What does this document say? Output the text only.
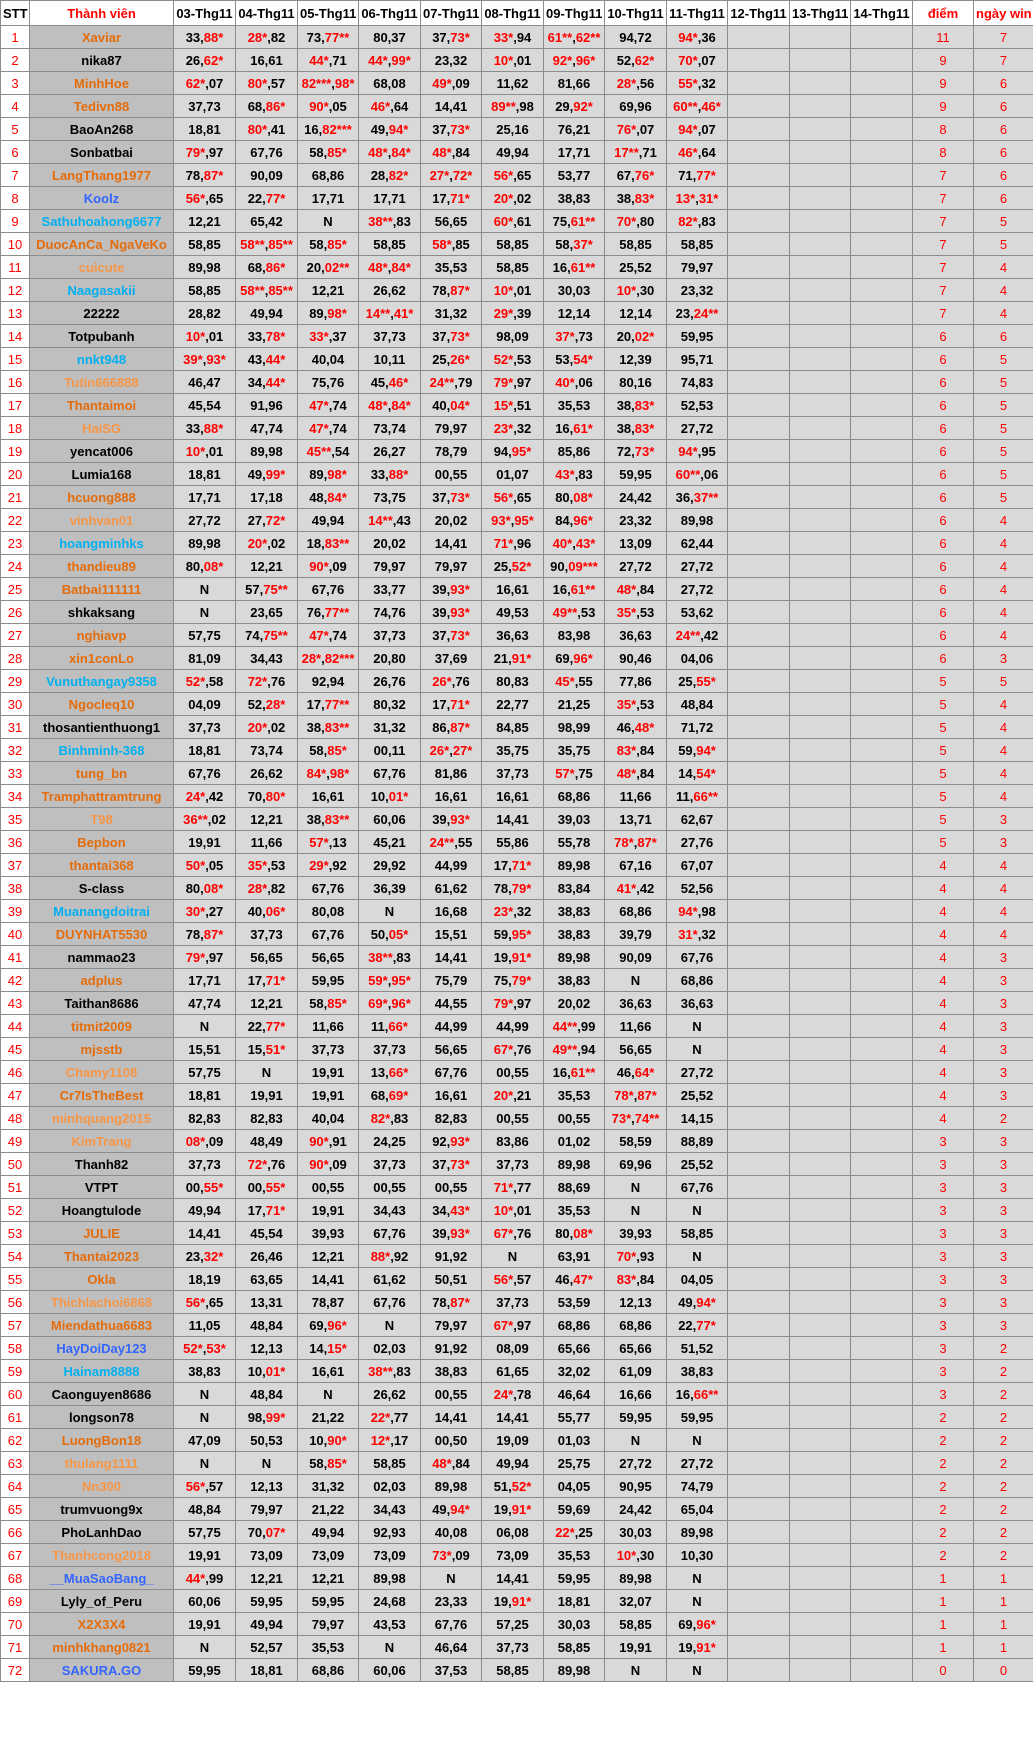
STT	Thành viên	03-Thg11	04-Thg11	05-Thg11	06-Thg11	07-Thg11	08-Thg11	09-Thg11	10-Thg11	11-Thg11	12-Thg11	13-Thg11	14-Thg11	điểm	ngày win
1	Xaviar	33,88*	28*,82	73,77**	80,37	37,73*	33*,94	61**,62**	94,72	94*,36				11	7
2	nika87	26,62*	16,61	44*,71	44*,99*	23,32	10*,01	92*,96*	52,62*	70*,07				9	7
3	MinhHoe	62*,07	80*,57	82***,98*	68,08	49*,09	11,62	81,66	28*,56	55*,32				9	6
4	Tedivn88	37,73	68,86*	90*,05	46*,64	14,41	89**,98	29,92*	69,96	60**,46*				9	6
5	BaoAn268	18,81	80*,41	16,82***	49,94*	37,73*	25,16	76,21	76*,07	94*,07				8	6
6	Sonbatbai	79*,97	67,76	58,85*	48*,84*	48*,84	49,94	17,71	17**,71	46*,64				8	6
7	LangThang1977	78,87*	90,09	68,86	28,82*	27*,72*	56*,65	53,77	67,76*	71,77*				7	6
8	Koolz	56*,65	22,77*	17,71	17,71	17,71*	20*,02	38,83	38,83*	13*,31*				7	6
9	Sathuhoahong6677	12,21	65,42	N	38**,83	56,65	60*,61	75,61**	70*,80	82*,83				7	5
10	DuocAnCa_NgaVeKo	58,85	58**,85**	58,85*	58,85	58*,85	58,85	58,37*	58,85	58,85				7	5
11	cuicute	89,98	68,86*	20,02**	48*,84*	35,53	58,85	16,61**	25,52	79,97				7	4
12	Naagasakii	58,85	58**,85**	12,21	26,62	78,87*	10*,01	30,03	10*,30	23,32				7	4
13	22222	28,82	49,94	89,98*	14**,41*	31,32	29*,39	12,14	12,14	23,24**				7	4
14	Totpubanh	10*,01	33,78*	33*,37	37,73	37,73*	98,09	37*,73	20,02*	59,95				6	6
15	nnkt948	39*,93*	43,44*	40,04	10,11	25,26*	52*,53	53,54*	12,39	95,71				6	5
16	Tutin666888	46,47	34,44*	75,76	45,46*	24**,79	79*,97	40*,06	80,16	74,83				6	5
17	Thantaimoi	45,54	91,96	47*,74	48*,84*	40,04*	15*,51	35,53	38,83*	52,53				6	5
18	HaiSG	33,88*	47,74	47*,74	73,74	79,97	23*,32	16,61*	38,83*	27,72				6	5
19	yencat006	10*,01	89,98	45**,54	26,27	78,79	94,95*	85,86	72,73*	94*,95				6	5
20	Lumia168	18,81	49,99*	89,98*	33,88*	00,55	01,07	43*,83	59,95	60**,06				6	5
21	hcuong888	17,71	17,18	48,84*	73,75	37,73*	56*,65	80,08*	24,42	36,37**				6	5
22	vinhvan01	27,72	27,72*	49,94	14**,43	20,02	93*,95*	84,96*	23,32	89,98				6	4
23	hoangminhks	89,98	20*,02	18,83**	20,02	14,41	71*,96	40*,43*	13,09	62,44				6	4
24	thandieu89	80,08*	12,21	90*,09	79,97	79,97	25,52*	90,09***	27,72	27,72				6	4
25	Batbai111111	N	57,75**	67,76	33,77	39,93*	16,61	16,61**	48*,84	27,72				6	4
26	shkaksang	N	23,65	76,77**	74,76	39,93*	49,53	49**,53	35*,53	53,62				6	4
27	nghiavp	57,75	74,75**	47*,74	37,73	37,73*	36,63	83,98	36,63	24**,42				6	4
28	xin1conLo	81,09	34,43	28*,82***	20,80	37,69	21,91*	69,96*	90,46	04,06				6	3
29	Vunuthangay9358	52*,58	72*,76	92,94	26,76	26*,76	80,83	45*,55	77,86	25,55*				5	5
30	Ngocleq10	04,09	52,28*	17,77**	80,32	17,71*	22,77	21,25	35*,53	48,84				5	4
31	thosantienthuong1	37,73	20*,02	38,83**	31,32	86,87*	84,85	98,99	46,48*	71,72				5	4
32	Binhminh-368	18,81	73,74	58,85*	00,11	26*,27*	35,75	35,75	83*,84	59,94*				5	4
33	tung_bn	67,76	26,62	84*,98*	67,76	81,86	37,73	57*,75	48*,84	14,54*				5	4
34	Tramphattramtrung	24*,42	70,80*	16,61	10,01*	16,61	16,61	68,86	11,66	11,66**				5	4
35	T98	36**,02	12,21	38,83**	60,06	39,93*	14,41	39,03	13,71	62,67				5	3
36	Bepbon	19,91	11,66	57*,13	45,21	24**,55	55,86	55,78	78*,87*	27,76				5	3
37	thantai368	50*,05	35*,53	29*,92	29,92	44,99	17,71*	89,98	67,16	67,07				4	4
38	S-class	80,08*	28*,82	67,76	36,39	61,62	78,79*	83,84	41*,42	52,56				4	4
39	Muanangdoitrai	30*,27	40,06*	80,08	N	16,68	23*,32	38,83	68,86	94*,98				4	4
40	DUYNHAT5530	78,87*	37,73	67,76	50,05*	15,51	59,95*	38,83	39,79	31*,32				4	4
41	nammao23	79*,97	56,65	56,65	38**,83	14,41	19,91*	89,98	90,09	67,76				4	3
42	adplus	17,71	17,71*	59,95	59*,95*	75,79	75,79*	38,83	N	68,86				4	3
43	Taithan8686	47,74	12,21	58,85*	69*,96*	44,55	79*,97	20,02	36,63	36,63				4	3
44	titmit2009	N	22,77*	11,66	11,66*	44,99	44,99	44**,99	11,66	N				4	3
45	mjsstb	15,51	15,51*	37,73	37,73	56,65	67*,76	49**,94	56,65	N				4	3
46	Chamy1108	57,75	N	19,91	13,66*	67,76	00,55	16,61**	46,64*	27,72				4	3
47	Cr7IsTheBest	18,81	19,91	19,91	68,69*	16,61	20*,21	35,53	78*,87*	25,52				4	3
48	minhquang2015	82,83	82,83	40,04	82*,83	82,83	00,55	00,55	73*,74**	14,15				4	2
49	KimTrang	08*,09	48,49	90*,91	24,25	92,93*	83,86	01,02	58,59	88,89				3	3
50	Thanh82	37,73	72*,76	90*,09	37,73	37,73*	37,73	89,98	69,96	25,52				3	3
51	VTPT	00,55*	00,55*	00,55	00,55	00,55	71*,77	88,69	N	67,76				3	3
52	Hoangtulode	49,94	17,71*	19,91	34,43	34,43*	10*,01	35,53	N	N				3	3
53	JULIE	14,41	45,54	39,93	67,76	39,93*	67*,76	80,08*	39,93	58,85				3	3
54	Thantai2023	23,32*	26,46	12,21	88*,92	91,92	N	63,91	70*,93	N				3	3
55	Okla	18,19	63,65	14,41	61,62	50,51	56*,57	46,47*	83*,84	04,05				3	3
56	Thichlachoi6868	56*,65	13,31	78,87	67,76	78,87*	37,73	53,59	12,13	49,94*				3	3
57	Miendathua6683	11,05	48,84	69,96*	N	79,97	67*,97	68,86	68,86	22,77*				3	3
58	HayDoiDay123	52*,53*	12,13	14,15*	02,03	91,92	08,09	65,66	65,66	51,52				3	2
59	Hainam8888	38,83	10,01*	16,61	38**,83	38,83	61,65	32,02	61,09	38,83				3	2
60	Caonguyen8686	N	48,84	N	26,62	00,55	24*,78	46,64	16,66	16,66**				3	2
61	longson78	N	98,99*	21,22	22*,77	14,41	14,41	55,77	59,95	59,95				2	2
62	LuongBon18	47,09	50,53	10,90*	12*,17	00,50	19,09	01,03	N	N				2	2
63	thulang1111	N	N	58,85*	58,85	48*,84	49,94	25,75	27,72	27,72				2	2
64	Nn300	56*,57	12,13	31,32	02,03	89,98	51,52*	04,05	90,95	74,79				2	2
65	trumvuong9x	48,84	79,97	21,22	34,43	49,94*	19,91*	59,69	24,42	65,04				2	2
66	PhoLanhDao	57,75	70,07*	49,94	92,93	40,08	06,08	22*,25	30,03	89,98				2	2
67	Thanhcong2018	19,91	73,09	73,09	73,09	73*,09	73,09	35,53	10*,30	10,30				2	2
68	__MuaSaoBang_	44*,99	12,21	12,21	89,98	N	14,41	59,95	89,98	N				1	1
69	Lyly_of_Peru	60,06	59,95	59,95	24,68	23,33	19,91*	18,81	32,07	N				1	1
70	X2X3X4	19,91	49,94	79,97	43,53	67,76	57,25	30,03	58,85	69,96*				1	1
71	minhkhang0821	N	52,57	35,53	N	46,64	37,73	58,85	19,91	19,91*				1	1
72	SAKURA.GO	59,95	18,81	68,86	60,06	37,53	58,85	89,98	N	N				0	0
